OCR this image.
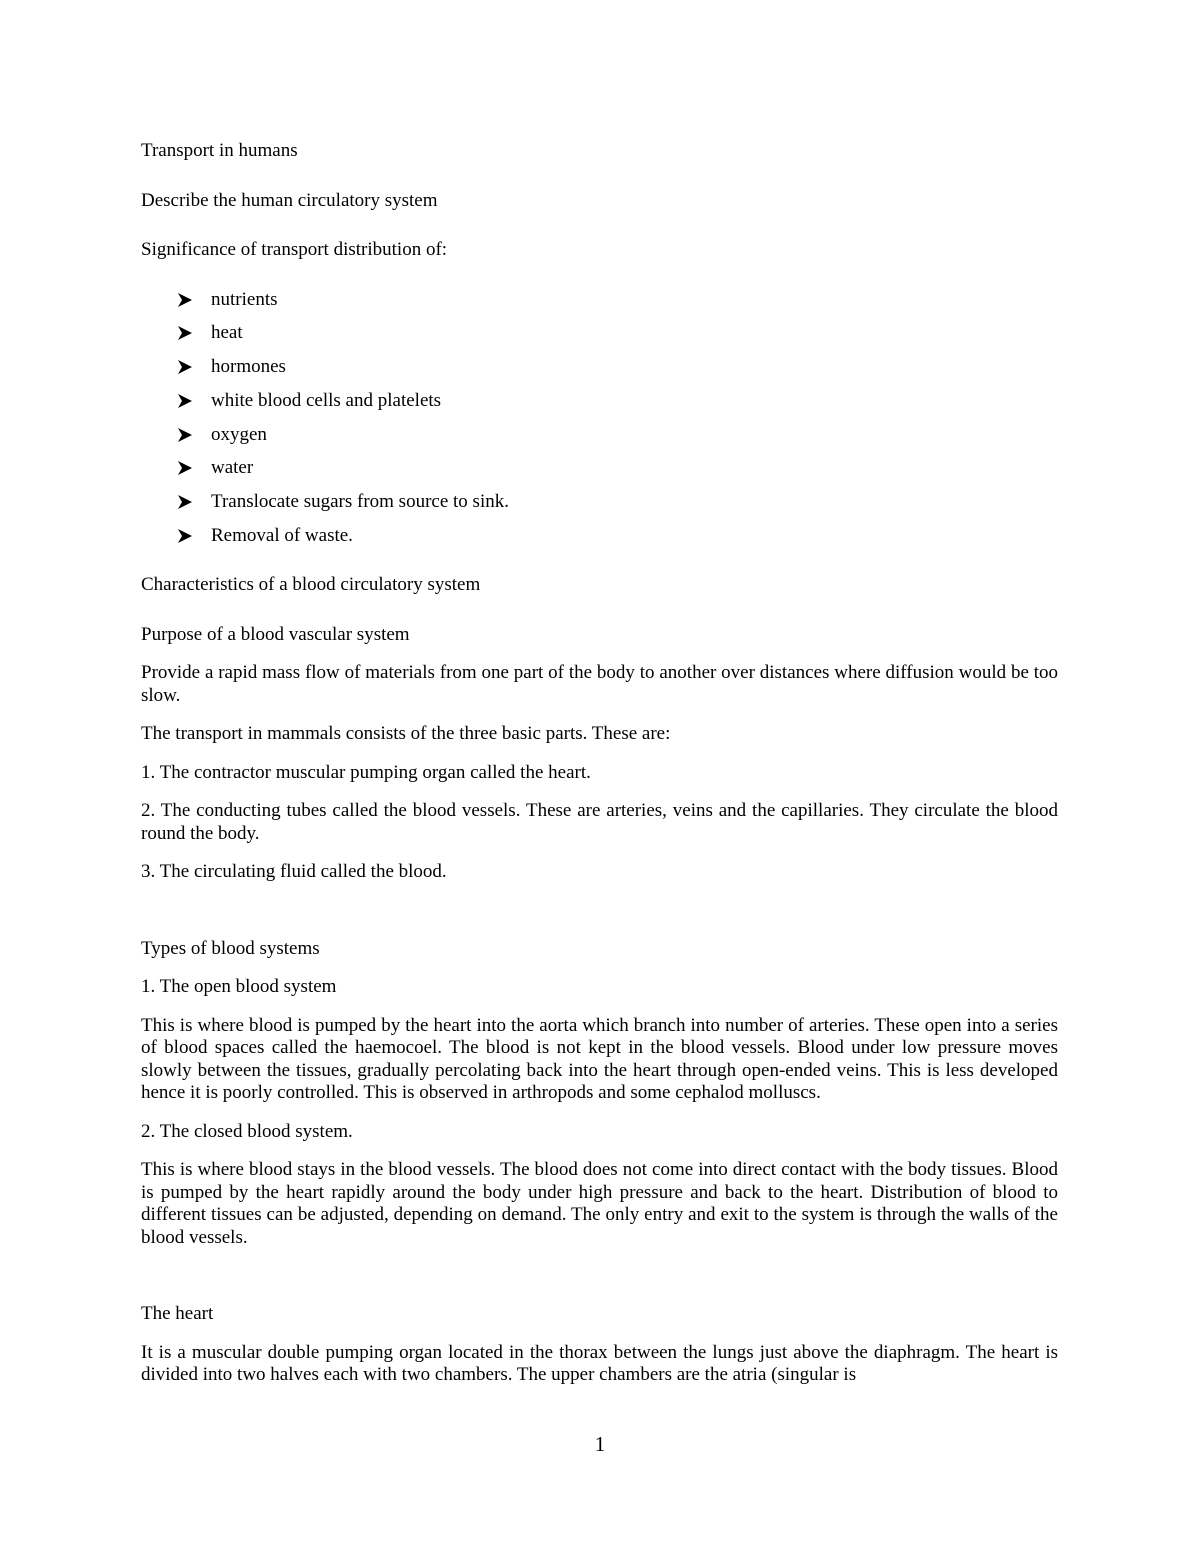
Transport in humans

Describe the human circulatory system

Significance of transport distribution of:

nutrients
heat
hormones
white blood cells and platelets
oxygen
water
Translocate sugars from source to sink.
Removal of waste.

Characteristics of a blood circulatory system

Purpose of a blood vascular system

Provide a rapid mass flow of materials from one part of the body to another over distances where diffusion would be too slow.

The transport in mammals consists of the three basic parts. These are:

1. The contractor muscular pumping organ called the heart.

2. The conducting tubes called the blood vessels. These are arteries, veins and the capillaries. They circulate the blood round the body.

3. The circulating fluid called the blood.

Types of blood systems

1. The open blood system

This is where blood is pumped by the heart into the aorta which branch into number of arteries. These open into a series of blood spaces called the haemocoel. The blood is not kept in the blood vessels. Blood under low pressure moves slowly between the tissues, gradually percolating back into the heart through open-ended veins. This is less developed hence it is poorly controlled. This is observed in arthropods and some cephalod molluscs.

2. The closed blood system.

This is where blood stays in the blood vessels. The blood does not come into direct contact with the body tissues. Blood is pumped by the heart rapidly around the body under high pressure and back to the heart. Distribution of blood to different tissues can be adjusted, depending on demand. The only entry and exit to the system is through the walls of the blood vessels.

The heart

It is a muscular double pumping organ located in the thorax between the lungs just above the diaphragm. The heart is divided into two halves each with two chambers. The upper chambers are the atria (singular is

1
